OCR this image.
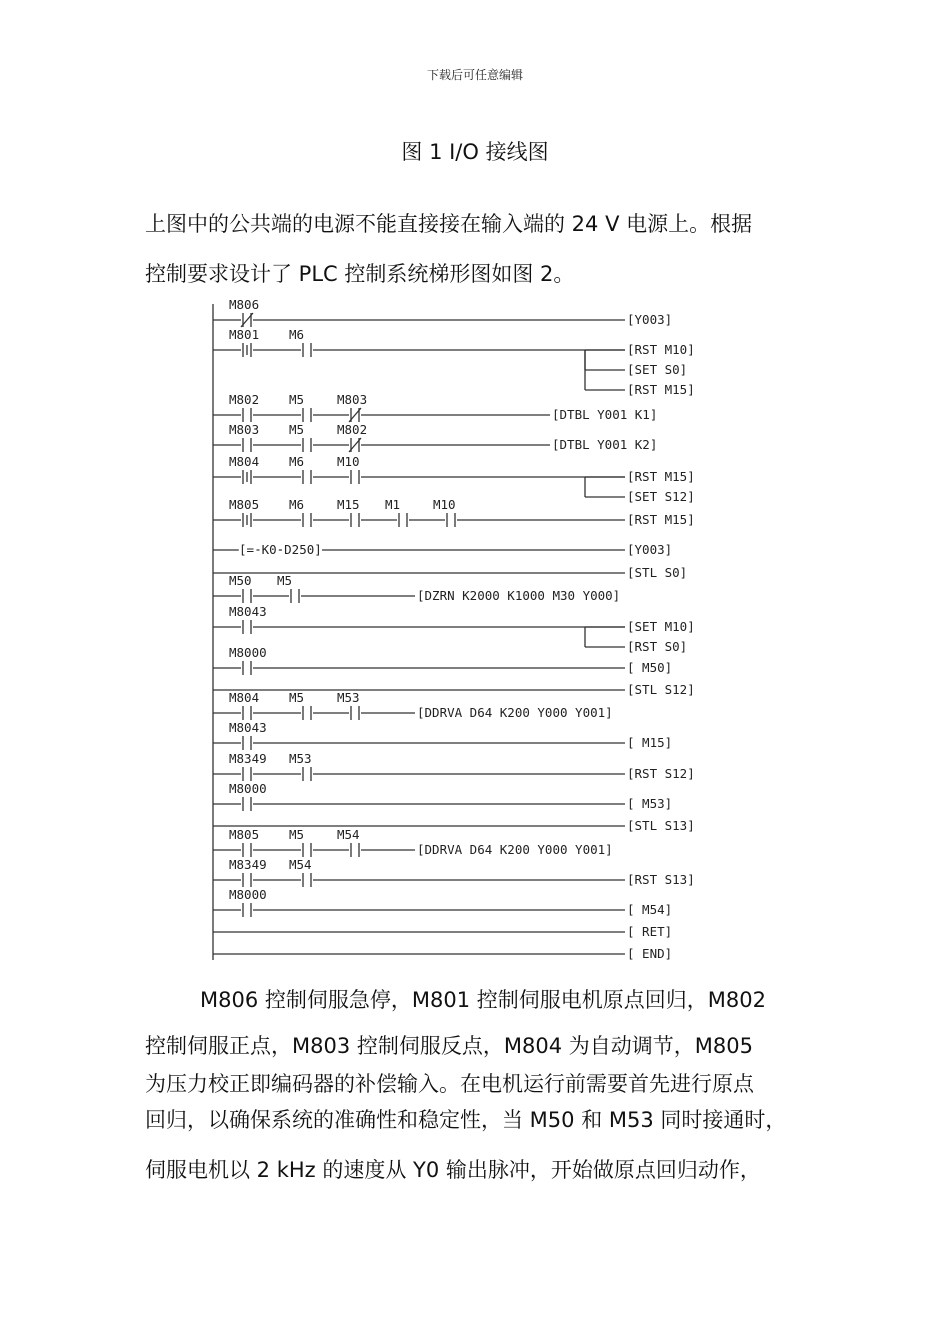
下载后可任意编辑
图 1 I/O 接线图
上图中的公共端的电源不能直接接在输入端的 24 V 电源上。根据
控制要求设计了 PLC 控制系统梯形图如图 2。
M806
[Y003]
M801 M6
[RST M10]
[SET S0]
[RST M15]
M802 M5	M803
[DTBL Y001 K1]
M803 M5	M802
[DTBL Y001 K2]
M804 M6	M10
[RST M15]
[SET S12]
M805 M6	M15 M1	M10
[RST M15]
[= K0 D250]	[Y003]
[STL S0]
M50 M5
[DZRN K2000 K1000 M30 Y000]
M8043
[SET M10]
[RST S0]
M8000
[ M50]
[STL S12]
M804 M5	M53
[DDRVA D64 K200 Y000 Y001]
M8043
[ M15]
M8349 M53
[RST S12]
M8000
[ M53]
[STL S13]
M805 M5	M54
[DDRVA D64 K200 Y000 Y001]
M8349 M54
[RST S13]
M8000
[ M54]
[ RET]
[ END]
M806 控制伺服急停，M801 控制伺服电机原点回归，M802
控制伺服正点，M803 控制伺服反点，M804 为自动调节，M805
为压力校正即编码器的补偿输入。在电机运行前需要首先进行原点
回归，以确保系统的准确性和稳定性，当 M50 和 M53 同时接通时，
伺服电机以 2 kHz 的速度从 Y0 输出脉冲，开始做原点回归动作，
